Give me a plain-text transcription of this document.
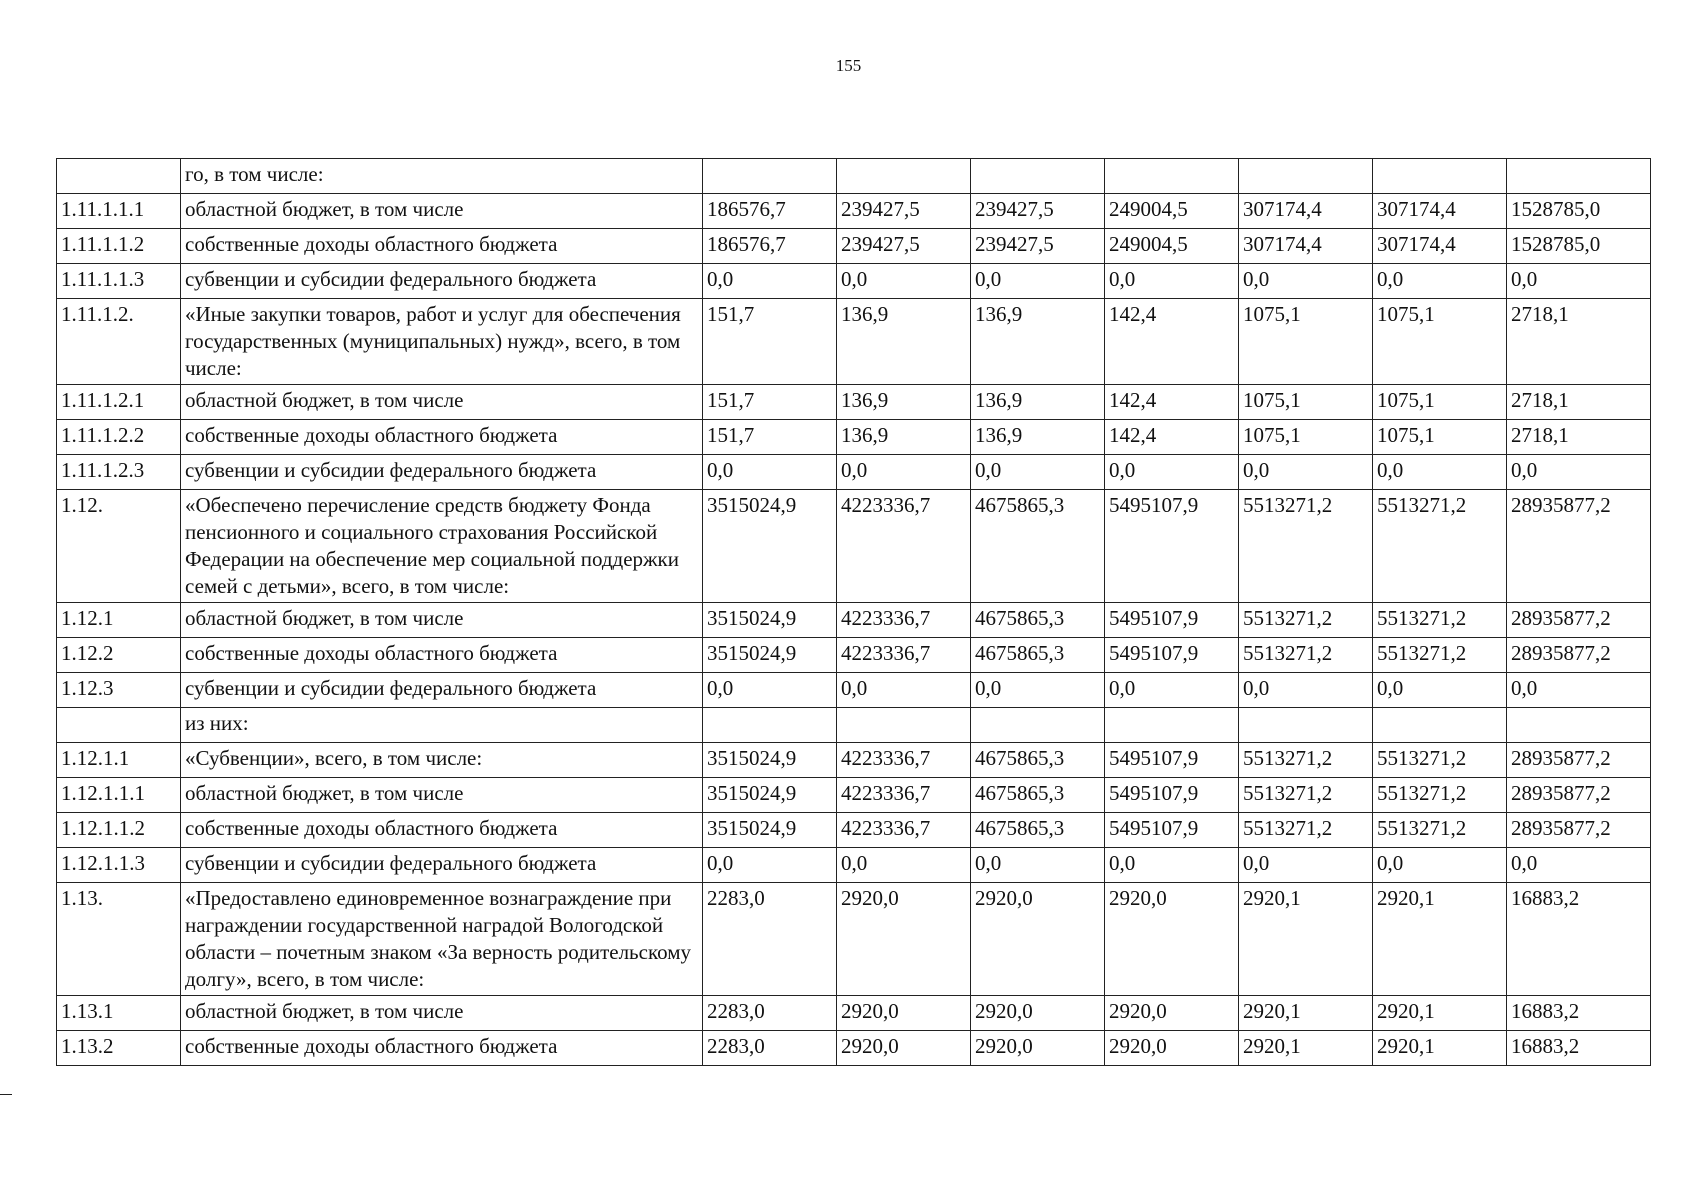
155
	го, в том числе:							
1.11.1.1.1	областной бюджет, в том числе	186576,7	239427,5	239427,5	249004,5	307174,4	307174,4	1528785,0
1.11.1.1.2	собственные доходы областного бюджета	186576,7	239427,5	239427,5	249004,5	307174,4	307174,4	1528785,0
1.11.1.1.3	субвенции и субсидии федерального бюджета	0,0	0,0	0,0	0,0	0,0	0,0	0,0
1.11.1.2.	«Иные закупки товаров, работ и услуг для обеспечения государственных (муниципальных) нужд», всего, в том числе:	151,7	136,9	136,9	142,4	1075,1	1075,1	2718,1
1.11.1.2.1	областной бюджет, в том числе	151,7	136,9	136,9	142,4	1075,1	1075,1	2718,1
1.11.1.2.2	собственные доходы областного бюджета	151,7	136,9	136,9	142,4	1075,1	1075,1	2718,1
1.11.1.2.3	субвенции и субсидии федерального бюджета	0,0	0,0	0,0	0,0	0,0	0,0	0,0
1.12.	«Обеспечено перечисление средств бюджету Фонда пенсионного и социального страхования Российской Федерации на обеспечение мер социальной поддержки семей с детьми», всего, в том числе:	3515024,9	4223336,7	4675865,3	5495107,9	5513271,2	5513271,2	28935877,2
1.12.1	областной бюджет, в том числе	3515024,9	4223336,7	4675865,3	5495107,9	5513271,2	5513271,2	28935877,2
1.12.2	собственные доходы областного бюджета	3515024,9	4223336,7	4675865,3	5495107,9	5513271,2	5513271,2	28935877,2
1.12.3	субвенции и субсидии федерального бюджета	0,0	0,0	0,0	0,0	0,0	0,0	0,0
	из них:							
1.12.1.1	«Субвенции», всего, в том числе:	3515024,9	4223336,7	4675865,3	5495107,9	5513271,2	5513271,2	28935877,2
1.12.1.1.1	областной бюджет, в том числе	3515024,9	4223336,7	4675865,3	5495107,9	5513271,2	5513271,2	28935877,2
1.12.1.1.2	собственные доходы областного бюджета	3515024,9	4223336,7	4675865,3	5495107,9	5513271,2	5513271,2	28935877,2
1.12.1.1.3	субвенции и субсидии федерального бюджета	0,0	0,0	0,0	0,0	0,0	0,0	0,0
1.13.	«Предоставлено единовременное вознаграждение при награждении государственной наградой Вологодской области – почетным знаком «За верность родительскому долгу», всего, в том числе:	2283,0	2920,0	2920,0	2920,0	2920,1	2920,1	16883,2
1.13.1	областной бюджет, в том числе	2283,0	2920,0	2920,0	2920,0	2920,1	2920,1	16883,2
1.13.2	собственные доходы областного бюджета	2283,0	2920,0	2920,0	2920,0	2920,1	2920,1	16883,2
